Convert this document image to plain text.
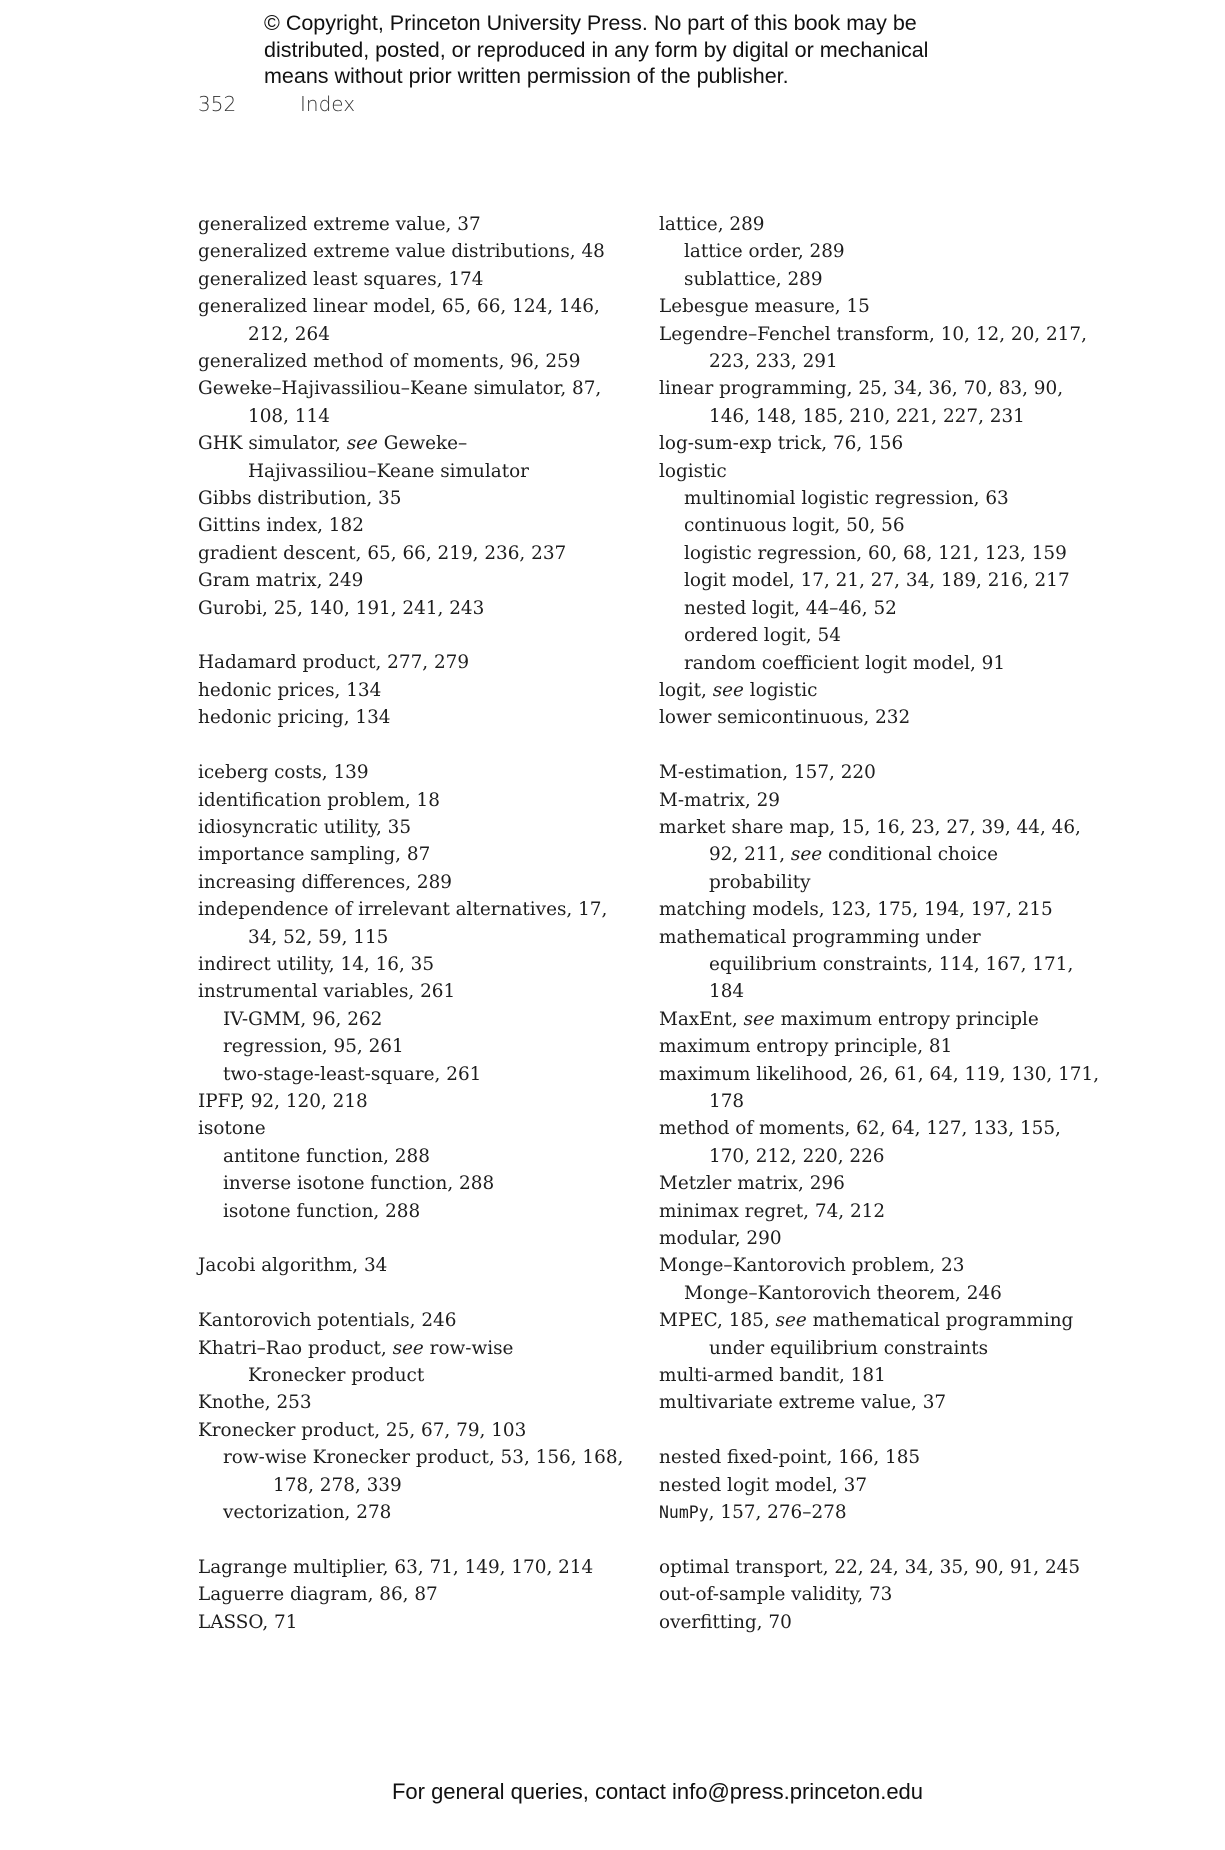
© Copyright, Princeton University Press. No part of this book may be
distributed, posted, or reproduced in any form by digital or mechanical
means without prior written permission of the publisher.
352	Index
generalized extreme value, 37
generalized extreme value distributions, 48
generalized least squares, 174
generalized linear model, 65, 66, 124, 146,
212, 264
generalized method of moments, 96, 259
Geweke–Hajivassiliou–Keane simulator, 87,
108, 114
GHK simulator, see Geweke–
Hajivassiliou–Keane simulator
Gibbs distribution, 35
Gittins index, 182
gradient descent, 65, 66, 219, 236, 237
Gram matrix, 249
Gurobi, 25, 140, 191, 241, 243
Hadamard product, 277, 279
hedonic prices, 134
hedonic pricing, 134
iceberg costs, 139
identification problem, 18
idiosyncratic utility, 35
importance sampling, 87
increasing differences, 289
independence of irrelevant alternatives, 17,
34, 52, 59, 115
indirect utility, 14, 16, 35
instrumental variables, 261
IV-GMM, 96, 262
regression, 95, 261
two-stage-least-square, 261
IPFP, 92, 120, 218
isotone
antitone function, 288
inverse isotone function, 288
isotone function, 288
Jacobi algorithm, 34
Kantorovich potentials, 246
Khatri–Rao product, see row-wise
Kronecker product
Knothe, 253
Kronecker product, 25, 67, 79, 103
row-wise Kronecker product, 53, 156, 168,
178, 278, 339
vectorization, 278
Lagrange multiplier, 63, 71, 149, 170, 214
Laguerre diagram, 86, 87
LASSO, 71
lattice, 289
lattice order, 289
sublattice, 289
Lebesgue measure, 15
Legendre–Fenchel transform, 10, 12, 20, 217,
223, 233, 291
linear programming, 25, 34, 36, 70, 83, 90,
146, 148, 185, 210, 221, 227, 231
log-sum-exp trick, 76, 156
logistic
multinomial logistic regression, 63
continuous logit, 50, 56
logistic regression, 60, 68, 121, 123, 159
logit model, 17, 21, 27, 34, 189, 216, 217
nested logit, 44–46, 52
ordered logit, 54
random coefficient logit model, 91
logit, see logistic
lower semicontinuous, 232
M-estimation, 157, 220
M-matrix, 29
market share map, 15, 16, 23, 27, 39, 44, 46,
92, 211, see conditional choice
probability
matching models, 123, 175, 194, 197, 215
mathematical programming under
equilibrium constraints, 114, 167, 171,
184
MaxEnt, see maximum entropy principle
maximum entropy principle, 81
maximum likelihood, 26, 61, 64, 119, 130, 171,
178
method of moments, 62, 64, 127, 133, 155,
170, 212, 220, 226
Metzler matrix, 296
minimax regret, 74, 212
modular, 290
Monge–Kantorovich problem, 23
Monge–Kantorovich theorem, 246
MPEC, 185, see mathematical programming
under equilibrium constraints
multi-armed bandit, 181
multivariate extreme value, 37
nested fixed-point, 166, 185
nested logit model, 37
NumPy, 157, 276–278
optimal transport, 22, 24, 34, 35, 90, 91, 245
out-of-sample validity, 73
overfitting, 70
For general queries, contact info@press.princeton.edu
